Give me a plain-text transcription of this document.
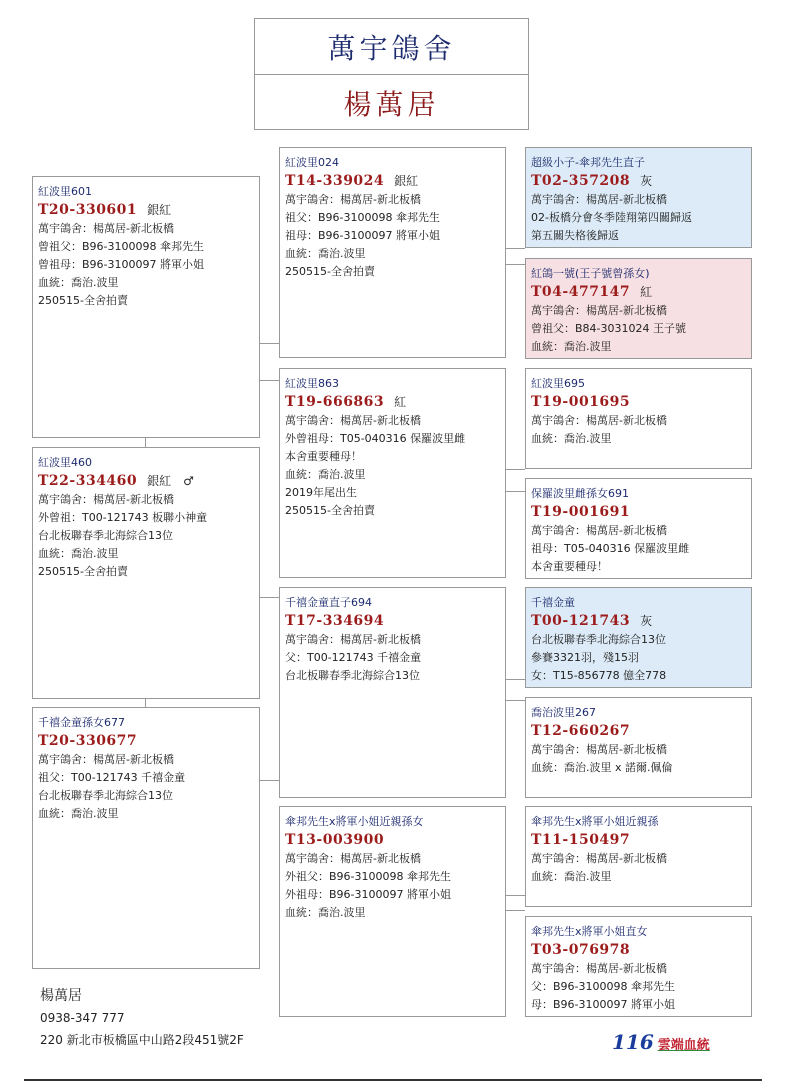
萬宇鴿舍
楊萬居
紅波里601
T20-330601 銀紅
萬宇鴿舍：楊萬居-新北板橋
曾祖父：B96-3100098 傘邦先生
曾祖母：B96-3100097 將軍小姐
血統：喬治.波里
250515-全舍拍賣
紅波里460
T22-334460 銀紅　♂
萬宇鴿舍：楊萬居-新北板橋
外曾祖：T00-121743 板聯小神童
台北板聯春季北海綜合13位
血統：喬治.波里
250515-全舍拍賣
千禧金童孫女677
T20-330677
萬宇鴿舍：楊萬居-新北板橋
祖父：T00-121743 千禧金童
台北板聯春季北海綜合13位
血統：喬治.波里
紅波里024
T14-339024 銀紅
萬宇鴿舍：楊萬居-新北板橋
祖父：B96-3100098 傘邦先生
祖母：B96-3100097 將軍小姐
血統：喬治.波里
250515-全舍拍賣
紅波里863
T19-666863 紅
萬宇鴿舍：楊萬居-新北板橋
外曾祖母：T05-040316 保羅波里雌
本舍重要種母！
血統：喬治.波里
2019年尾出生
250515-全舍拍賣
千禧金童直子694
T17-334694
萬宇鴿舍：楊萬居-新北板橋
父：T00-121743 千禧金童
台北板聯春季北海綜合13位
傘邦先生x將軍小姐近親孫女
T13-003900
萬宇鴿舍：楊萬居-新北板橋
外祖父：B96-3100098 傘邦先生
外祖母：B96-3100097 將軍小姐
血統：喬治.波里
超級小子-傘邦先生直子
T02-357208 灰
萬宇鴿舍：楊萬居-新北板橋
02-板橋分會冬季陸翔第四關歸返
第五關失格後歸返
紅鴿一號(王子號曾孫女)
T04-477147 紅
萬宇鴿舍：楊萬居-新北板橋
曾祖父：B84-3031024 王子號
血統：喬治.波里
紅波里695
T19-001695
萬宇鴿舍：楊萬居-新北板橋
血統：喬治.波里
保羅波里雌孫女691
T19-001691
萬宇鴿舍：楊萬居-新北板橋
祖母：T05-040316 保羅波里雌
本舍重要種母！
千禧金童
T00-121743 灰
台北板聯春季北海綜合13位
參賽3321羽，殘15羽
女：T15-856778 億全778
喬治波里267
T12-660267
萬宇鴿舍：楊萬居-新北板橋
血統：喬治.波里 x 諾爾.佩倫
傘邦先生x將軍小姐近親孫
T11-150497
萬宇鴿舍：楊萬居-新北板橋
血統：喬治.波里
傘邦先生x將軍小姐直女
T03-076978
萬宇鴿舍：楊萬居-新北板橋
父：B96-3100098 傘邦先生
母：B96-3100097 將軍小姐
楊萬居
0938-347 777
220 新北市板橋區中山路2段451號2F	116 雲端血統
